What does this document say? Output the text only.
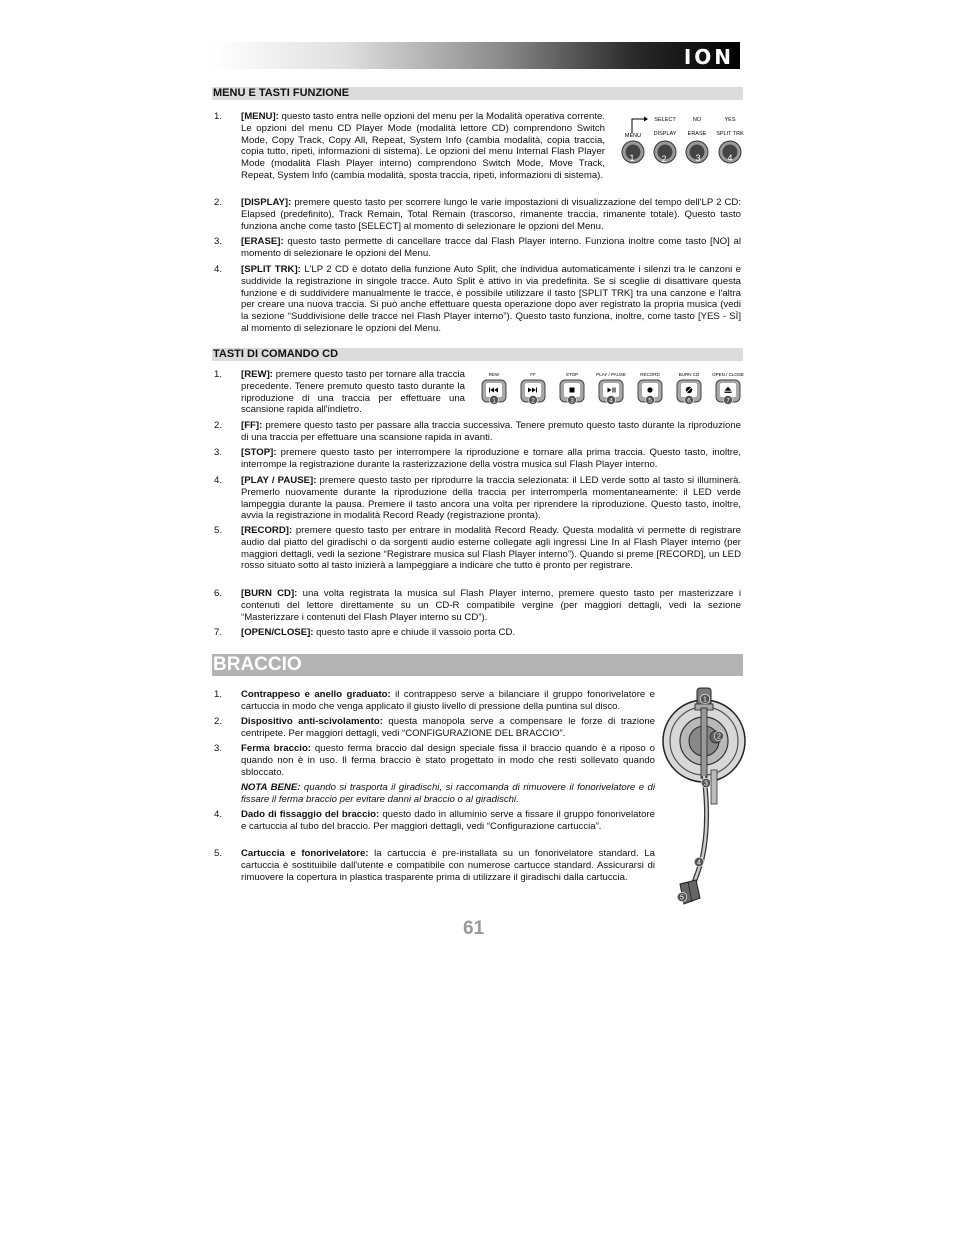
ION
MENU E TASTI FUNZIONE
1. [MENU]: questo tasto entra nelle opzioni del menu per la Modalità operativa corrente. Le opzioni del menu CD Player Mode (modalità lettore CD) comprendono Switch Mode, Copy Track, Copy All, Repeat, System Info (cambia modalità, copia traccia, copia tutto, ripeti, informazioni di sistema). Le opzioni del menu Internal Flash Player Mode (modalità Flash Player interno) comprendono Switch Mode, Move Track, Repeat, System Info (cambia modalità, sposta traccia, ripeti, informazioni di sistema).
SELECT	NO	YES
MENU DISPLAY ERASE SPLIT TRK
1	2	3	4
2. [DISPLAY]: premere questo tasto per scorrere lungo le varie impostazioni di visualizzazione del tempo dell'LP 2 CD: Elapsed (predefinito), Track Remain, Total Remain (trascorso, rimanente traccia, rimanente totale). Questo tasto funziona anche come tasto [SELECT] al momento di selezionare le opzioni del Menu.
3. [ERASE]: questo tasto permette di cancellare tracce dal Flash Player interno. Funziona inoltre come tasto [NO] al momento di selezionare le opzioni del Menu.
4. [SPLIT TRK]: L'LP 2 CD è dotato della funzione Auto Split, che individua automaticamente i silenzi tra le canzoni e suddivide la registrazione in singole tracce. Auto Split è attivo in via predefinita. Se si sceglie di disattivare questa funzione e di suddividere manualmente le tracce, è possibile utilizzare il tasto [SPLIT TRK] tra una canzone e l'altra per creare una nuova traccia. Si può anche effettuare questa operazione dopo aver registrato la propria musica (vedi la sezione “Suddivisione delle tracce nel Flash Player interno”). Questo tasto funziona, inoltre, come tasto [YES - SÌ] al momento di selezionare le opzioni del Menu.
TASTI DI COMANDO CD
1. [REW]: premere questo tasto per tornare alla traccia precedente. Tenere premuto questo tasto durante la riproduzione di una traccia per effettuare una scansione rapida all'indietro.
REW	FF	STOP	PLAY / PAUSE	RECORD	BURN CD	OPEN / CLOSE
1	2	3	4	5	6	7
2. [FF]: premere questo tasto per passare alla traccia successiva. Tenere premuto questo tasto durante la riproduzione di una traccia per effettuare una scansione rapida in avanti.
3. [STOP]: premere questo tasto per interrompere la riproduzione e tornare alla prima traccia. Questo tasto, inoltre, interrompe la registrazione durante la rasterizzazione della vostra musica sul Flash Player interno.
4. [PLAY / PAUSE]: premere questo tasto per riprodurre la traccia selezionata: il LED verde sotto al tasto si illuminerà. Premerlo nuovamente durante la riproduzione della traccia per interromperla momentaneamente: il LED verde lampeggia durante la pausa. Premere il tasto ancora una volta per riprendere la riproduzione. Questo tasto, inoltre, avvia la registrazione in modalità Record Ready (registrazione pronta).
5. [RECORD]: premere questo tasto per entrare in modalità Record Ready. Questa modalità vi permette di registrare audio dal piatto del giradischi o da sorgenti audio esterne collegate agli ingressi Line In al Flash Player interno (per maggiori dettagli, vedi la sezione “Registrare musica sul Flash Player interno”). Quando si preme [RECORD], un LED rosso situato sotto al tasto inizierà a lampeggiare a indicare che tutto è pronto per registrare.
6. [BURN CD]: una volta registrata la musica sul Flash Player interno, premere questo tasto per masterizzare i contenuti del lettore direttamente su un CD-R compatibile vergine (per maggiori dettagli, vedi la sezione “Masterizzare i contenuti del Flash Player interno su CD”).
7. [OPEN/CLOSE]: questo tasto apre e chiude il vassoio porta CD.
BRACCIO
1. Contrappeso e anello graduato: il contrappeso serve a bilanciare il gruppo fonorivelatore e cartuccia in modo che venga applicato il giusto livello di pressione della puntina sul disco.
2. Dispositivo anti-scivolamento: questa manopola serve a compensare le forze di trazione centripete. Per maggiori dettagli, vedi “CONFIGURAZIONE DEL BRACCIO”.
3. Ferma braccio: questo ferma braccio dal design speciale fissa il braccio quando è a riposo o quando non è in uso. Il ferma braccio è stato progettato in modo che resti sollevato quando sbloccato.
NOTA BENE: quando si trasporta il giradischi, si raccomanda di rimuovere il fonorivelatore e di fissare il ferma braccio per evitare danni al braccio o al giradischi.
4. Dado di fissaggio del braccio: questo dado in alluminio serve a fissare il gruppo fonorivelatore e cartuccia al tubo del braccio. Per maggiori dettagli, vedi “Configurazione cartuccia”.
5. Cartuccia e fonorivelatore: la cartuccia è pre-installata su un fonorivelatore standard. La cartuccia è sostituibile dall'utente e compatibile con numerose cartucce standard. Assicurarsi di rimuovere la copertura in plastica trasparente prima di utilizzare il giradischi dalla cartuccia.
1
2
3
4
5
61
